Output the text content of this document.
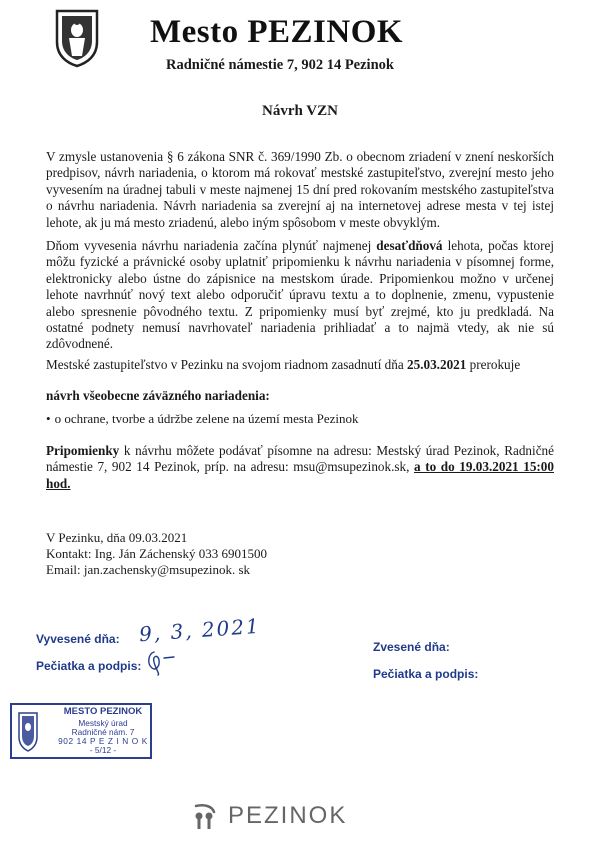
Mesto PEZINOK
Radničné námestie 7, 902 14 Pezinok
Návrh VZN
V zmysle ustanovenia § 6 zákona SNR č. 369/1990 Zb. o obecnom zriadení v znení neskorších predpisov, návrh nariadenia, o ktorom má rokovať mestské zastupiteľstvo, zverejní mesto jeho vyvesením na úradnej tabuli v meste najmenej 15 dní pred rokovaním mestského zastupiteľstva o návrhu nariadenia. Návrh nariadenia sa zverejní aj na internetovej adrese mesta v tej istej lehote, ak ju má mesto zriadenú, alebo iným spôsobom v meste obvyklým.
Dňom vyvesenia návrhu nariadenia začína plynúť najmenej desaťdňová lehota, počas ktorej môžu fyzické a právnické osoby uplatniť pripomienku k návrhu nariadenia v písomnej forme, elektronicky alebo ústne do zápisnice na mestskom úrade. Pripomienkou možno v určenej lehote navrhnúť nový text alebo odporučiť úpravu textu a to doplnenie, zmenu, vypustenie alebo spresnenie pôvodného textu. Z pripomienky musí byť zrejmé, kto ju predkladá. Na ostatné podnety nemusí navrhovateľ nariadenia prihliadať a to najmä vtedy, ak nie sú zdôvodnené.
Mestské zastupiteľstvo v Pezinku na svojom riadnom zasadnutí dňa 25.03.2021 prerokuje
návrh všeobecne záväzného nariadenia:
• o ochrane, tvorbe a údržbe zelene na území mesta Pezinok
Pripomienky k návrhu môžete podávať písomne na adresu: Mestský úrad Pezinok, Radničné námestie 7, 902 14 Pezinok, príp. na adresu: msu@msupezinok.sk, a to do 19.03.2021 15:00 hod.
V Pezinku, dňa 09.03.2021
Kontakt: Ing. Ján Záchenský 033 6901500
Email: jan.zachensky@msupezinok. sk
Vyvesené dňa: 9, 3, 2021
Pečiatka a podpis:
Zvesené dňa:
Pečiatka a podpis:
MESTO PEZINOK
Mestský úrad
Radničné nám. 7
902 14 P E Z I N O K
- 5/12 -
PEZINOK
